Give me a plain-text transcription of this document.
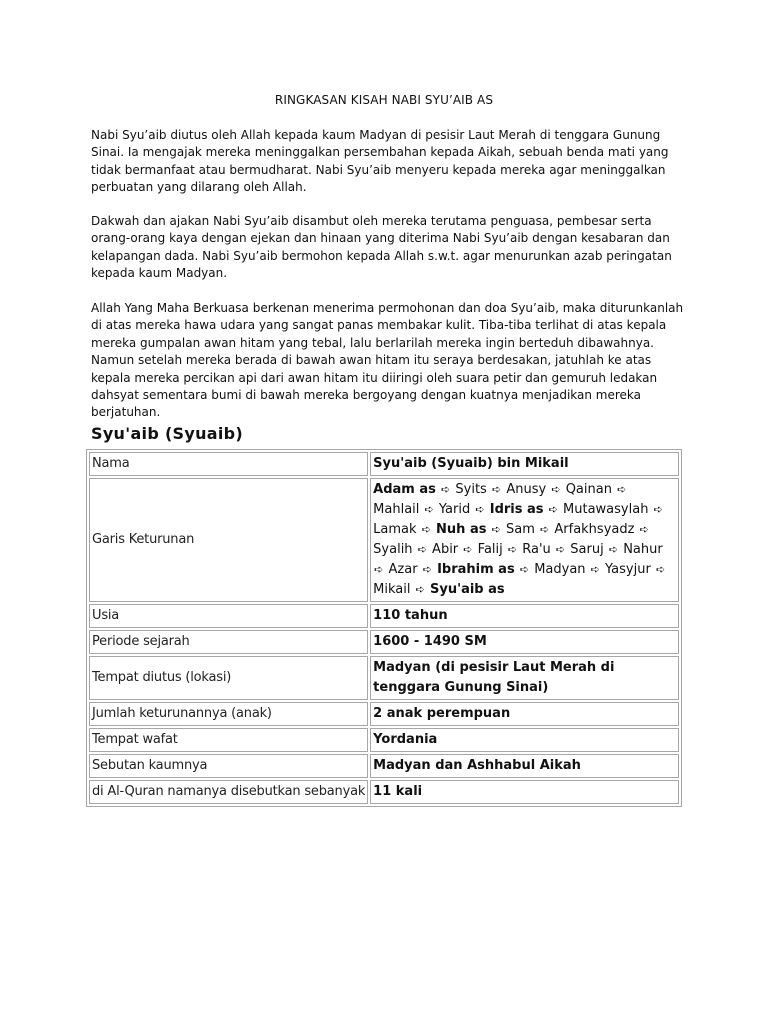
RINGKASAN KISAH NABI SYU’AIB AS

Nabi Syu’aib diutus oleh Allah kepada kaum Madyan di pesisir Laut Merah di tenggara Gunung Sinai. Ia mengajak mereka meninggalkan persembahan kepada Aikah, sebuah benda mati yang tidak bermanfaat atau bermudharat. Nabi Syu’aib menyeru kepada mereka agar meninggalkan perbuatan yang dilarang oleh Allah.

Dakwah dan ajakan Nabi Syu’aib disambut oleh mereka terutama penguasa, pembesar serta orang-orang kaya dengan ejekan dan hinaan yang diterima Nabi Syu’aib dengan kesabaran dan kelapangan dada. Nabi Syu’aib bermohon kepada Allah s.w.t. agar menurunkan azab peringatan kepada kaum Madyan.

Allah Yang Maha Berkuasa berkenan menerima permohonan dan doa Syu’aib, maka diturunkanlah di atas mereka hawa udara yang sangat panas membakar kulit. Tiba-tiba terlihat di atas kepala mereka gumpalan awan hitam yang tebal, lalu berlarilah mereka ingin berteduh dibawahnya. Namun setelah mereka berada di bawah awan hitam itu seraya berdesakan, jatuhlah ke atas kepala mereka percikan api dari awan hitam itu diiringi oleh suara petir dan gemuruh ledakan dahsyat sementara bumi di bawah mereka bergoyang dengan kuatnya menjadikan mereka berjatuhan.

Syu'aib (Syuaib)
Nama	Syu'aib (Syuaib) bin Mikail
Garis Keturunan	Adam as ➪ Syits ➪ Anusy ➪ Qainan ➪ Mahlail ➪ Yarid ➪ Idris as ➪ Mutawasylah ➪ Lamak ➪ Nuh as ➪ Sam ➪ Arfakhsyadz ➪ Syalih ➪ Abir ➪ Falij ➪ Ra'u ➪ Saruj ➪ Nahur ➪ Azar ➪ Ibrahim as ➪ Madyan ➪ Yasyjur ➪ Mikail ➪ Syu'aib as
Usia	110 tahun
Periode sejarah	1600 - 1490 SM
Tempat diutus (lokasi)	Madyan (di pesisir Laut Merah di tenggara Gunung Sinai)
Jumlah keturunannya (anak)	2 anak perempuan
Tempat wafat	Yordania
Sebutan kaumnya	Madyan dan Ashhabul Aikah
di Al-Quran namanya disebutkan sebanyak	11 kali
